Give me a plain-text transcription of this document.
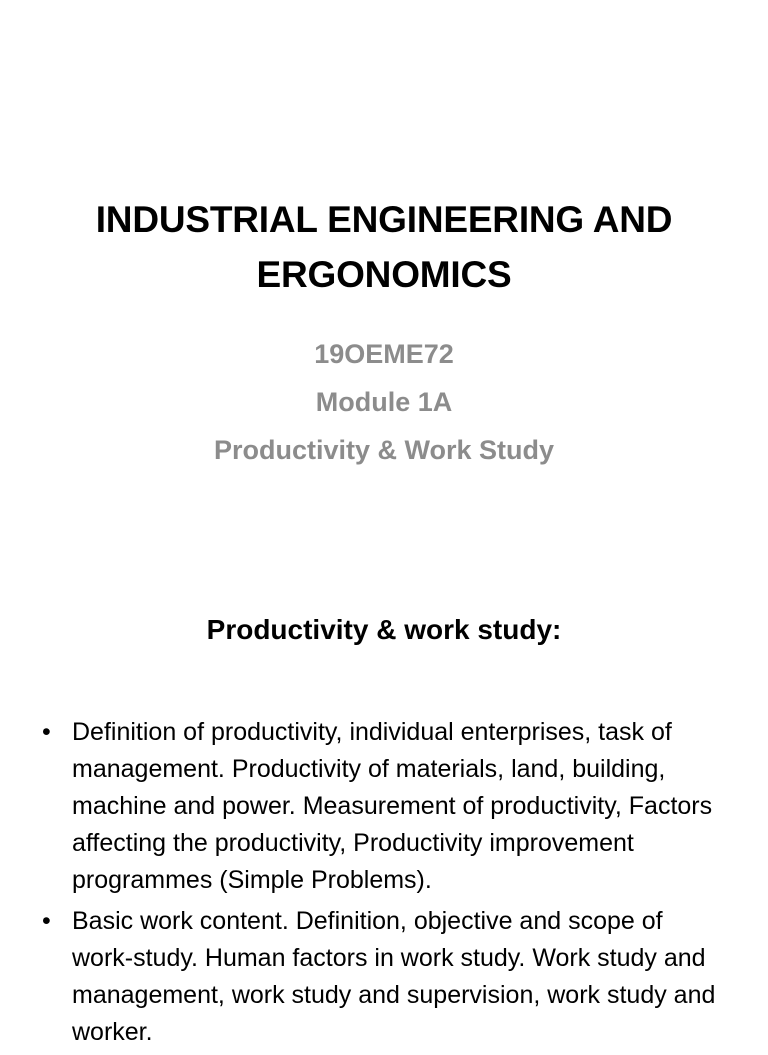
INDUSTRIAL ENGINEERING AND
ERGONOMICS
19OEME72
Module 1A
Productivity & Work Study
Productivity & work study:
• Definition of productivity, individual enterprises, task of management. Productivity of materials, land, building, machine and power. Measurement of productivity, Factors affecting the productivity, Productivity improvement programmes (Simple Problems).
• Basic work content. Definition, objective and scope of work-study. Human factors in work study. Work study and management, work study and supervision, work study and worker.
